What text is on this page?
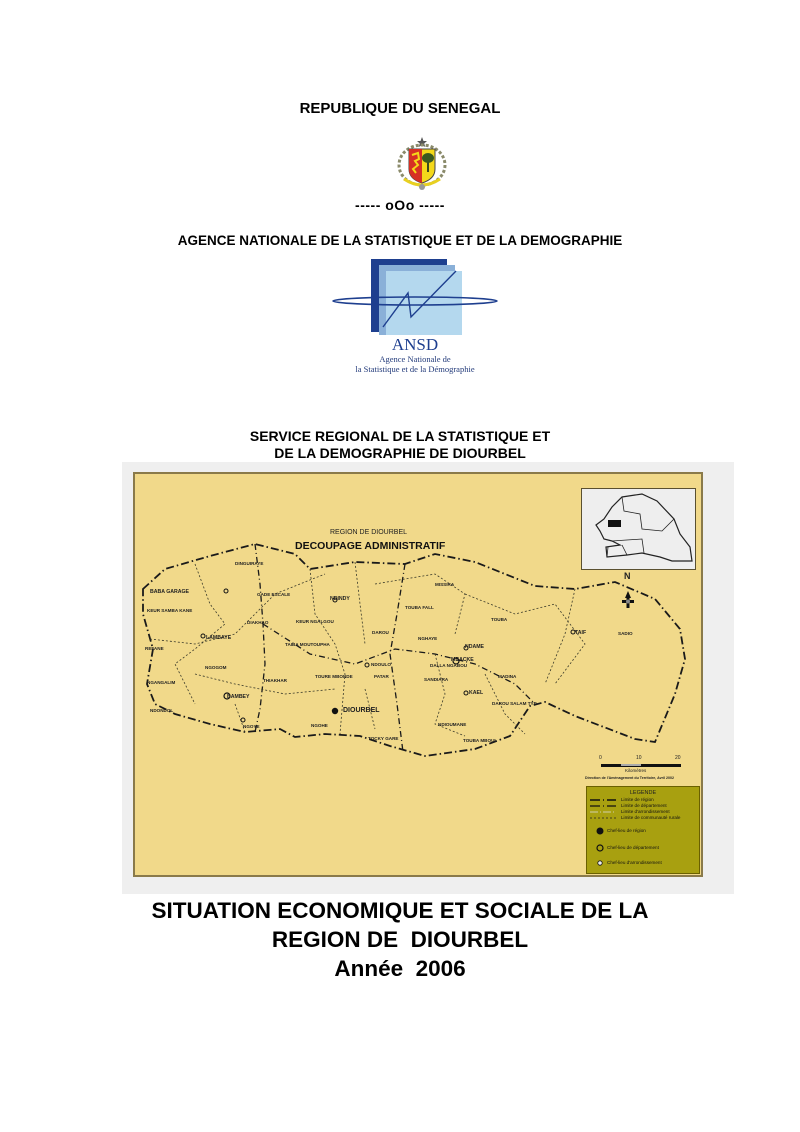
REPUBLIQUE DU SENEGAL
----- oOo -----
AGENCE NATIONALE DE LA STATISTIQUE ET DE LA DEMOGRAPHIE
ANSD
Agence Nationale de
la Statistique et de la Démographie
SERVICE REGIONAL DE LA STATISTIQUE ET
DE LA DEMOGRAPHIE DE DIOURBEL
REGION DE DIOURBEL
DECOUPAGE ADMINISTRATIF
BABA GARAGE
DINGUIRAYE
NDINDY
GADE ESCALE
KEUR SAMBA KANE
DIAKHAO	KEUR NGALGOU
LAMBAYE
TAIBA MOUTOUPHA
REFANE
NGOGOM
NGANGALIM
TOURE MBONDE
THIAKHAR
BAMBEY
NDONDOL
NGOYE
DIOURBEL
NGOHE
TOCKY GARE
MISSIRA
TOUBA FALL
TOUBA
DAROU
NGHAYE
NDAME
MBACKE
NDOULO	DALLA NGABOU
PATAR
SANDIARA
MADINA
KAEL
DAROU SALAM TYP
NDIOUMANE
TOUBA MBOUL
TAIF	SADIO
0	10	20
Kilomètres
N
Direction de l'Aménagement du Territoire, Avril 2002
LEGENDE
Limite de région
Limite de département
Limite d'arrondissement
Limite de communauté rurale
Chef-lieu de région
Chef-lieu de département
Chef-lieu d'arrondissement
SITUATION ECONOMIQUE ET SOCIALE DE LA
REGION DE  DIOURBEL
Année  2006
